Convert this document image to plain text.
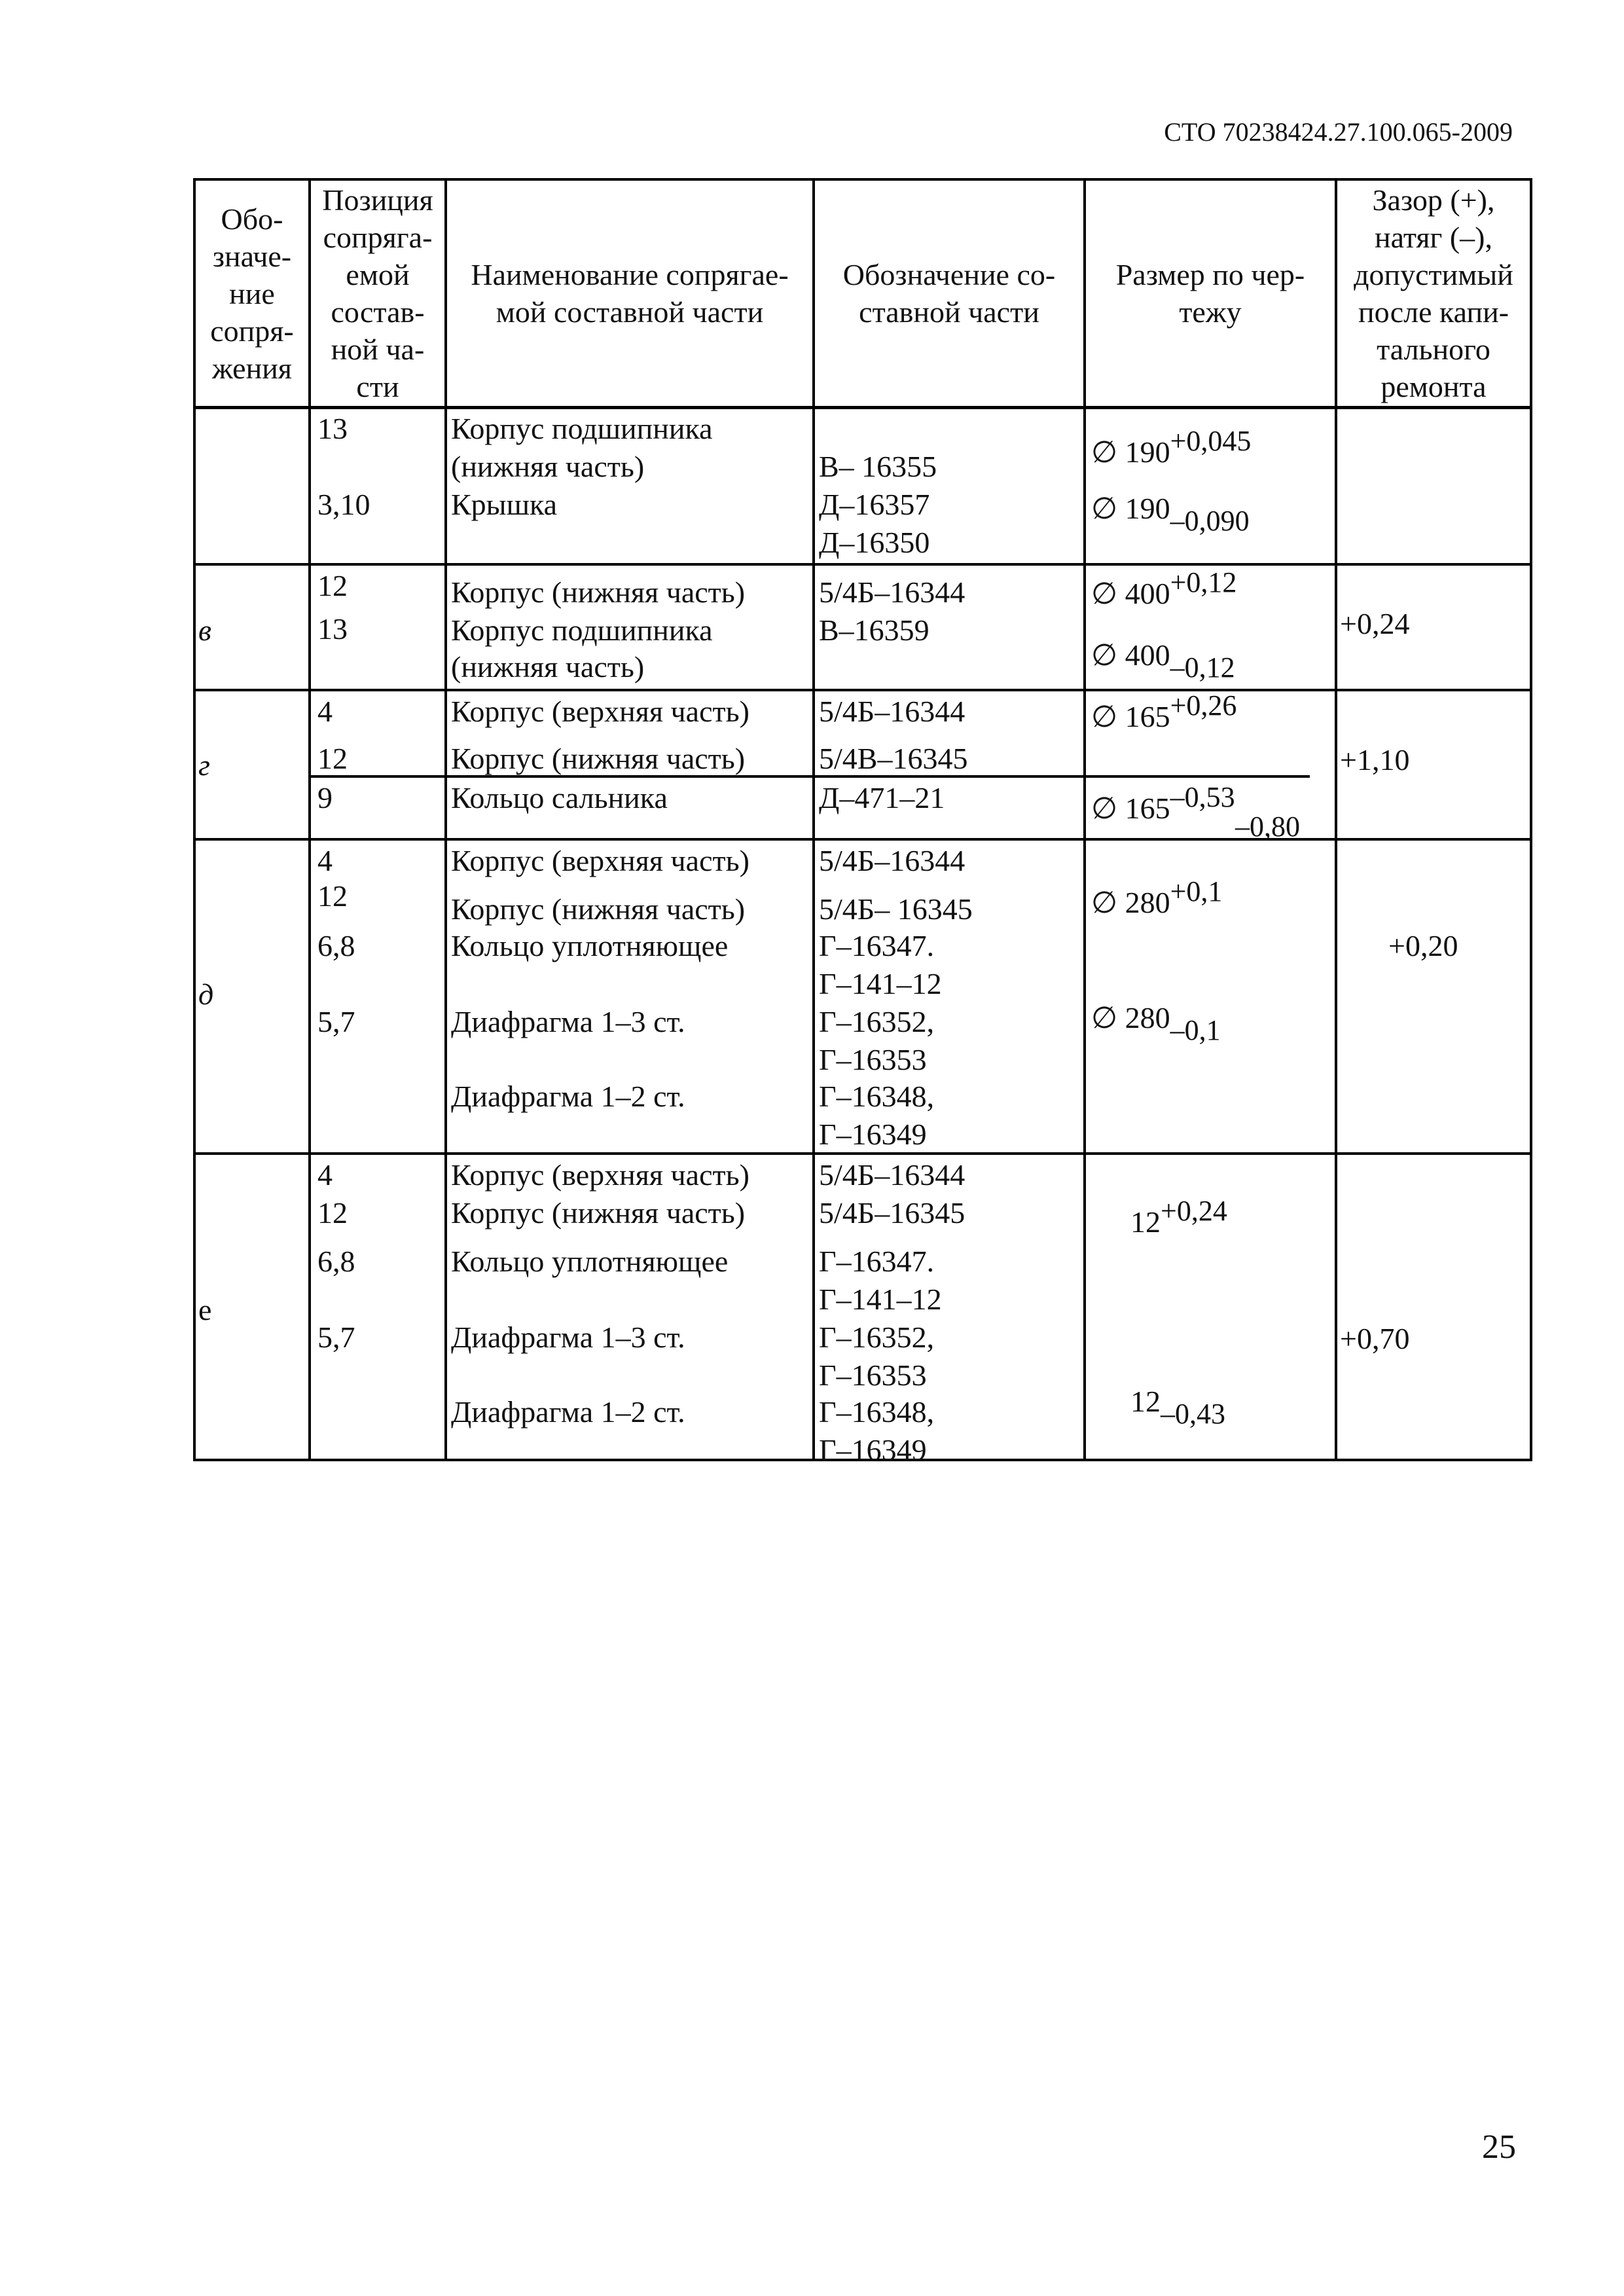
СТО 70238424.27.100.065-2009
Обо-
значе-
ние
сопря-
жения
Позиция
сопряга-
емой
состав-
ной ча-
сти
Наименование сопрягае-
мой составной части
Обозначение со-
ставной части
Размер по чер-
тежу
Зазор (+),
натяг (–),
допустимый
после капи-
тального
ремонта
13
3,10
Корпус подшипника
(нижняя часть)
Крышка
В– 16355
Д–16357
Д–16350
∅ 190+0,045
∅ 190–0,090
в
12
13
Корпус (нижняя часть)
Корпус подшипника
(нижняя часть)
5/4Б–16344
В–16359
∅ 400+0,12
∅ 400–0,12
+0,24
г
4
12
9
Корпус (верхняя часть)
Корпус (нижняя часть)
Кольцо сальника
5/4Б–16344
5/4В–16345
Д–471–21
∅ 165+0,26
∅ 165–0,53
–0,80
+1,10
д
4
12
6,8
5,7
Корпус (верхняя часть)
Корпус (нижняя часть)
Кольцо уплотняющее
Диафрагма 1–3 ст.
Диафрагма 1–2 ст.
5/4Б–16344
5/4Б– 16345
Г–16347.
Г–141–12
Г–16352,
Г–16353
Г–16348,
Г–16349
∅ 280+0,1
∅ 280–0,1
+0,20
е
4
12
6,8
5,7
Корпус (верхняя часть)
Корпус (нижняя часть)
Кольцо уплотняющее
Диафрагма 1–3 ст.
Диафрагма 1–2 ст.
5/4Б–16344
5/4Б–16345
Г–16347.
Г–141–12
Г–16352,
Г–16353
Г–16348,
Г–16349
12+0,24
12–0,43
+0,70
25
